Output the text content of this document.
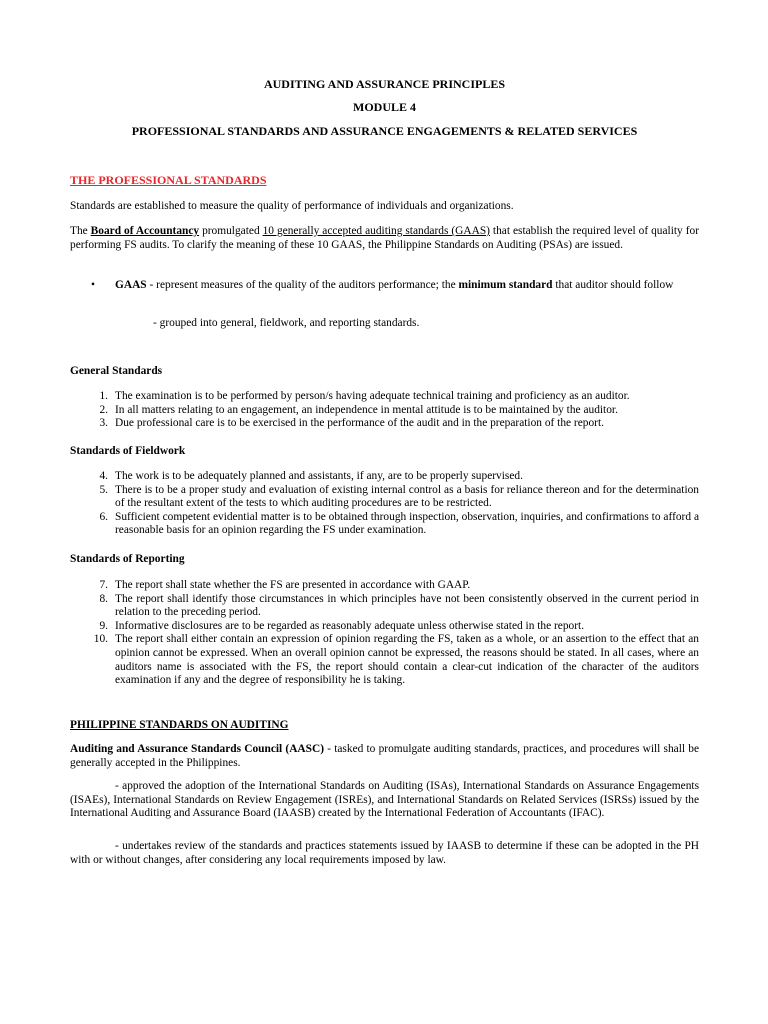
AUDITING AND ASSURANCE PRINCIPLES
MODULE 4
PROFESSIONAL STANDARDS AND ASSURANCE ENGAGEMENTS & RELATED SERVICES
THE PROFESSIONAL STANDARDS
Standards are established to measure the quality of performance of individuals and organizations.
The Board of Accountancy promulgated 10 generally accepted auditing standards (GAAS) that establish the required level of quality for performing FS audits. To clarify the meaning of these 10 GAAS, the Philippine Standards on Auditing (PSAs) are issued.
• GAAS - represent measures of the quality of the auditors performance; the minimum standard that auditor should follow
- grouped into general, fieldwork, and reporting standards.
General Standards
1. The examination is to be performed by person/s having adequate technical training and proficiency as an auditor.
2. In all matters relating to an engagement, an independence in mental attitude is to be maintained by the auditor.
3. Due professional care is to be exercised in the performance of the audit and in the preparation of the report.
Standards of Fieldwork
4. The work is to be adequately planned and assistants, if any, are to be properly supervised.
5. There is to be a proper study and evaluation of existing internal control as a basis for reliance thereon and for the determination of the resultant extent of the tests to which auditing procedures are to be restricted.
6. Sufficient competent evidential matter is to be obtained through inspection, observation, inquiries, and confirmations to afford a reasonable basis for an opinion regarding the FS under examination.
Standards of Reporting
7. The report shall state whether the FS are presented in accordance with GAAP.
8. The report shall identify those circumstances in which principles have not been consistently observed in the current period in relation to the preceding period.
9. Informative disclosures are to be regarded as reasonably adequate unless otherwise stated in the report.
10. The report shall either contain an expression of opinion regarding the FS, taken as a whole, or an assertion to the effect that an opinion cannot be expressed. When an overall opinion cannot be expressed, the reasons should be stated. In all cases, where an auditors name is associated with the FS, the report should contain a clear-cut indication of the character of the auditors examination if any and the degree of responsibility he is taking.
PHILIPPINE STANDARDS ON AUDITING
Auditing and Assurance Standards Council (AASC) - tasked to promulgate auditing standards, practices, and procedures will shall be generally accepted in the Philippines.
- approved the adoption of the International Standards on Auditing (ISAs), International Standards on Assurance Engagements (ISAEs), International Standards on Review Engagement (ISREs), and International Standards on Related Services (ISRSs) issued by the International Auditing and Assurance Board (IAASB) created by the International Federation of Accountants (IFAC).
- undertakes review of the standards and practices statements issued by IAASB to determine if these can be adopted in the PH with or without changes, after considering any local requirements imposed by law.
